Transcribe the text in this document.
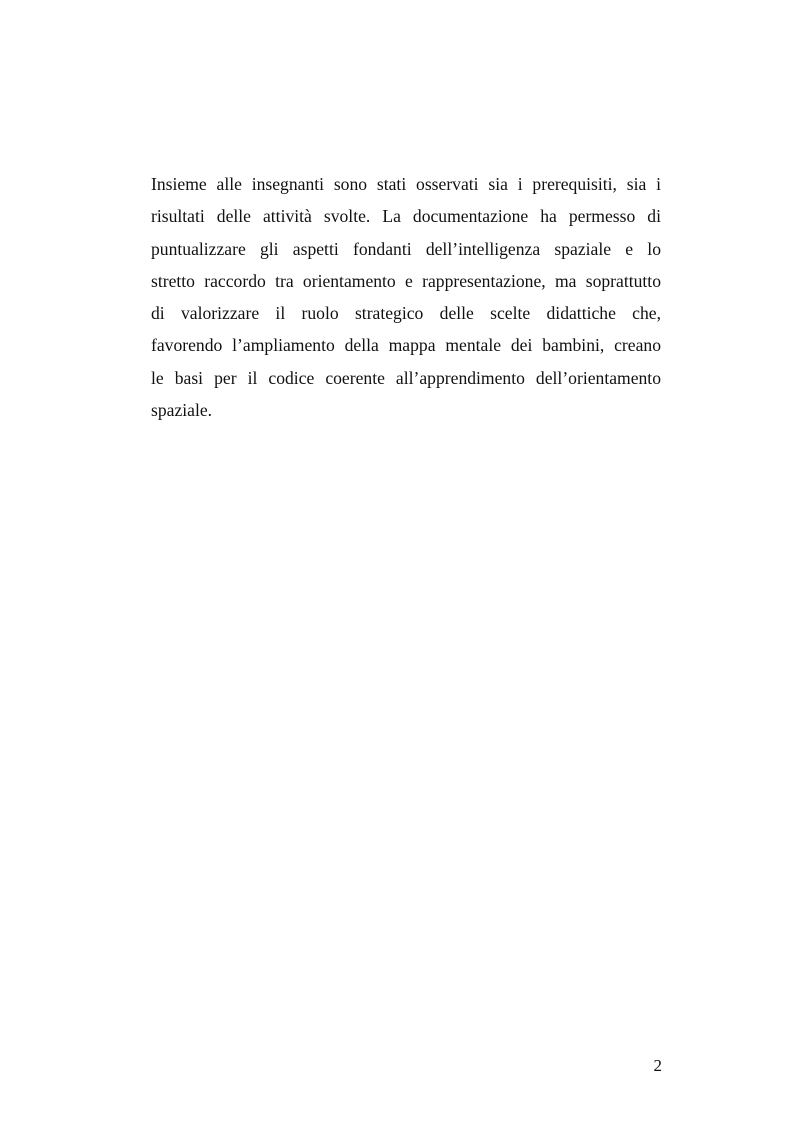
Insieme alle insegnanti sono stati osservati sia i prerequisiti, sia i
risultati delle attività svolte. La documentazione ha permesso di
puntualizzare gli aspetti fondanti dell’intelligenza spaziale e lo
stretto raccordo tra orientamento e rappresentazione, ma soprattutto
di valorizzare il ruolo strategico delle scelte didattiche che,
favorendo l’ampliamento della mappa mentale dei bambini, creano
le basi per il codice coerente all’apprendimento dell’orientamento
spaziale.
2
